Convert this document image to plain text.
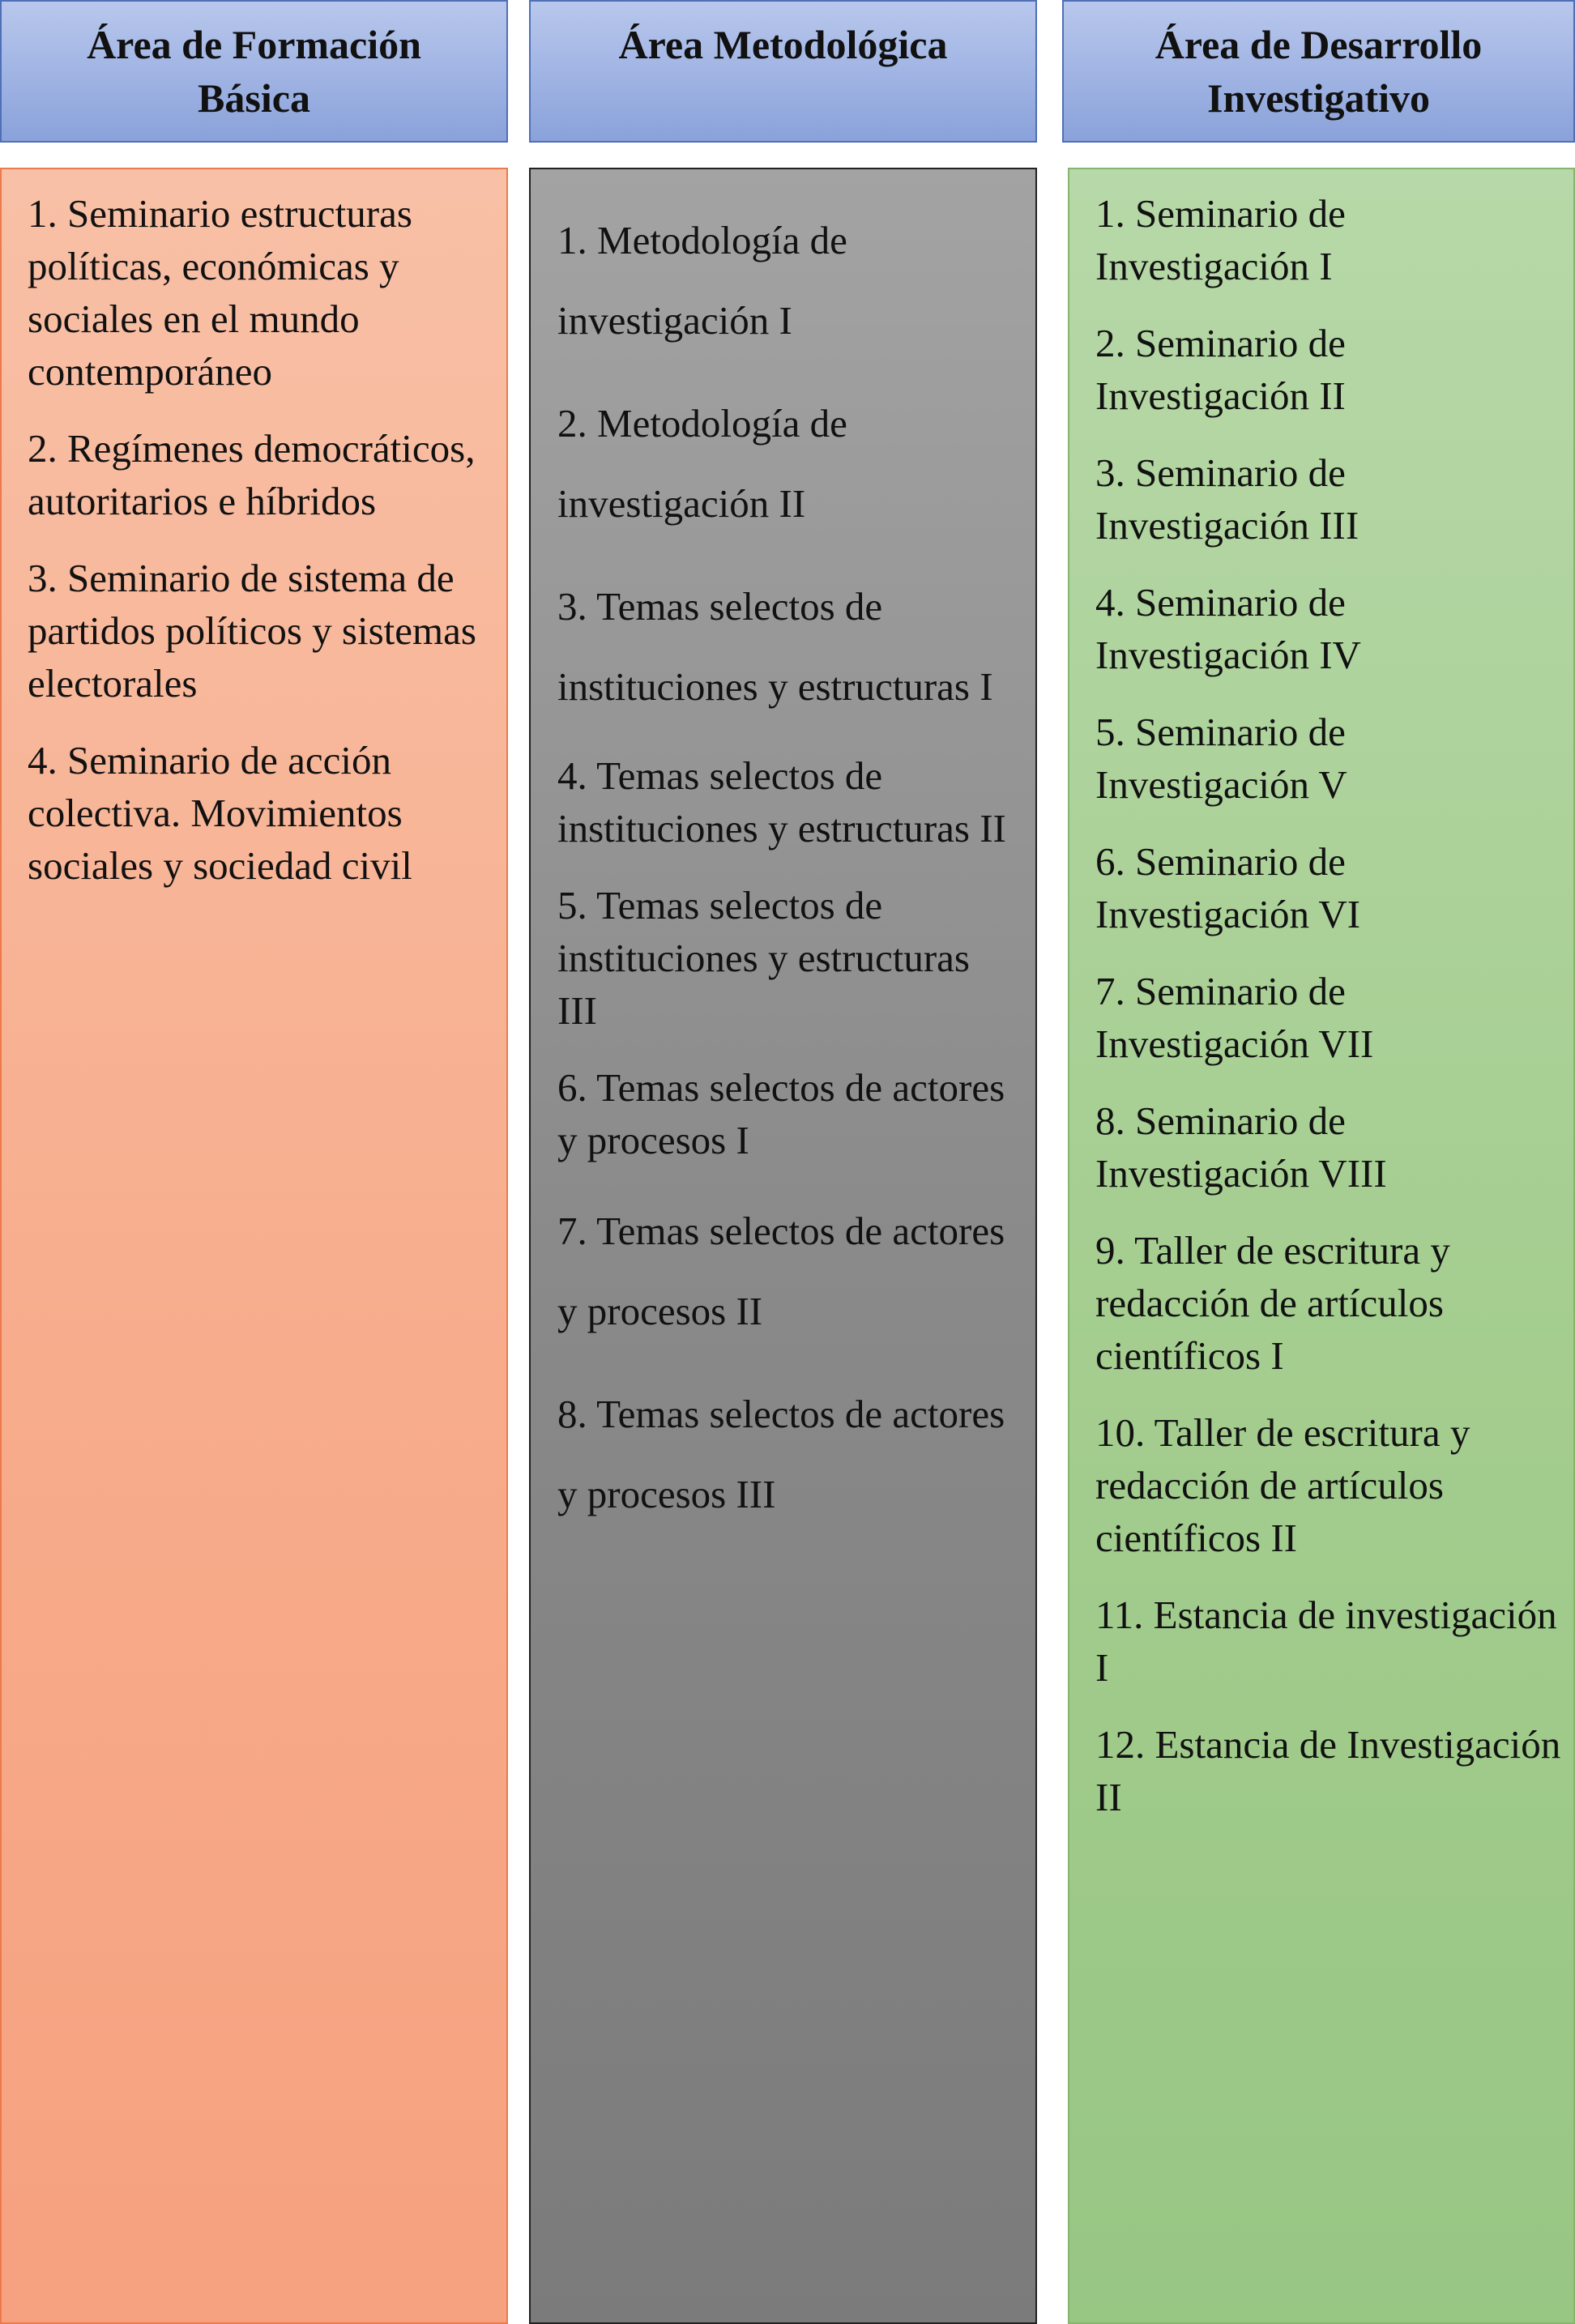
Área de Formación Básica
Área Metodológica	Área de Desarrollo Investigativo
1. Seminario estructuras políticas, económicas y sociales en el mundo contemporáneo
2. Regímenes democráticos, autoritarios e híbridos
3. Seminario de sistema de partidos políticos y sistemas electorales
4. Seminario de acción colectiva. Movimientos sociales y sociedad civil
1. Metodología de investigación I
2. Metodología de investigación II
3. Temas selectos de instituciones y estructuras I
4. Temas selectos de instituciones y estructuras II
5. Temas selectos de instituciones y estructuras III
6. Temas selectos de actores y procesos I
7. Temas selectos de actores y procesos II
8. Temas selectos de actores y procesos III
1. Seminario de Investigación I
2. Seminario de Investigación II
3. Seminario de Investigación III
4. Seminario de Investigación IV
5. Seminario de Investigación V
6. Seminario de Investigación VI
7. Seminario de Investigación VII
8. Seminario de Investigación VIII
9. Taller de escritura y redacción de artículos científicos I
10. Taller de escritura y redacción de artículos científicos II
11. Estancia de investigación I
12. Estancia de Investigación II
